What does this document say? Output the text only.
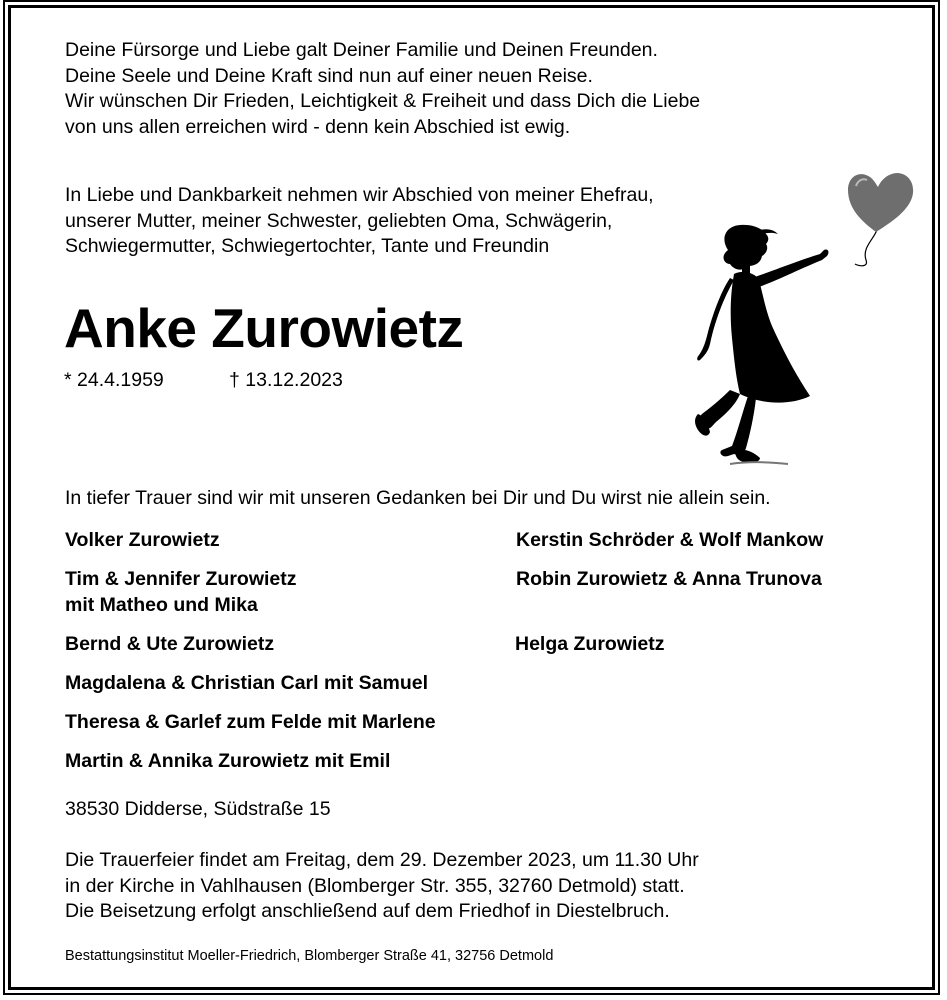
Deine Fürsorge und Liebe galt Deiner Familie und Deinen Freunden.
Deine Seele und Deine Kraft sind nun auf einer neuen Reise.
Wir wünschen Dir Frieden, Leichtigkeit & Freiheit und dass Dich die Liebe
von uns allen erreichen wird - denn kein Abschied ist ewig.
In Liebe und Dankbarkeit nehmen wir Abschied von meiner Ehefrau,
unserer Mutter, meiner Schwester, geliebten Oma, Schwägerin,
Schwiegermutter, Schwiegertochter, Tante und Freundin
Anke Zurowietz
* 24.4.1959	† 13.12.2023
In tiefer Trauer sind wir mit unseren Gedanken bei Dir und Du wirst nie allein sein.
Volker Zurowietz
Tim & Jennifer Zurowietz
mit Matheo und Mika
Bernd & Ute Zurowietz
Magdalena & Christian Carl mit Samuel
Theresa & Garlef zum Felde mit Marlene
Martin & Annika Zurowietz mit Emil
Kerstin Schröder & Wolf Mankow
Robin Zurowietz & Anna Trunova
Helga Zurowietz
38530 Didderse, Südstraße 15
Die Trauerfeier findet am Freitag, dem 29. Dezember 2023, um 11.30 Uhr
in der Kirche in Vahlhausen (Blomberger Str. 355, 32760 Detmold) statt.
Die Beisetzung erfolgt anschließend auf dem Friedhof in Diestelbruch.
Bestattungsinstitut Moeller-Friedrich, Blomberger Straße 41, 32756 Detmold
